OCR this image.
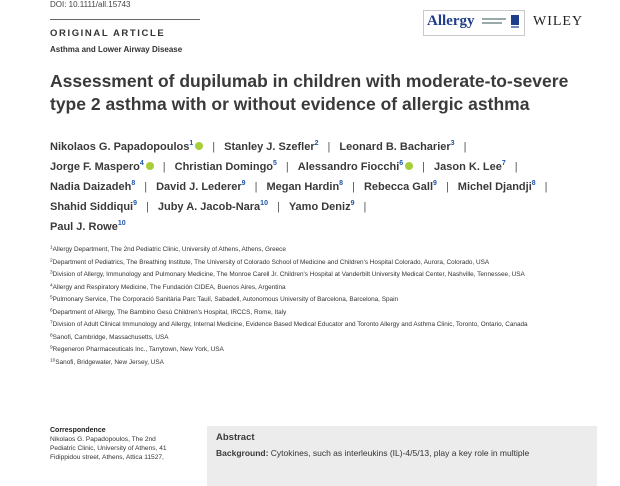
DOI: 10.1111/all.15743
ORIGINAL ARTICLE
Asthma and Lower Airway Disease
Allergy	WILEY
Assessment of dupilumab in children with moderate-to-severe type 2 asthma with or without evidence of allergic asthma
Nikolaos G. Papadopoulos$^1$ | Stanley J. Szefler$^2$ | Leonard B. Bacharier$^3$ |
Jorge F. Maspero$^4$ | Christian Domingo$^5$ | Alessandro Fiocchi$^6$ | Jason K. Lee$^7$ |
Nadia Daizadeh$^8$ | David J. Lederer$^9$ | Megan Hardin$^8$ | Rebecca Gall$^9$ | Michel Djandji$^8$ |
Shahid Siddiqui$^9$ | Juby A. Jacob-Nara$^{10}$ | Yamo Deniz$^9$ |
Paul J. Rowe$^{10}$
$^1$Allergy Department, The 2nd Pediatric Clinic, University of Athens, Athens, Greece
$^2$Department of Pediatrics, The Breathing Institute, The University of Colorado School of Medicine and Children's Hospital Colorado, Aurora, Colorado, USA
$^3$Division of Allergy, Immunology and Pulmonary Medicine, The Monroe Carell Jr. Children's Hospital at Vanderbilt University Medical Center, Nashville, Tennessee, USA
$^4$Allergy and Respiratory Medicine, The Fundación CIDEA, Buenos Aires, Argentina
$^5$Pulmonary Service, The Corporació Sanitària Parc Taulí, Sabadell, Autonomous University of Barcelona, Barcelona, Spain
$^6$Department of Allergy, The Bambino Gesù Children's Hospital, IRCCS, Rome, Italy
$^7$Division of Adult Clinical Immunology and Allergy, Internal Medicine, Evidence Based Medical Educator and Toronto Allergy and Asthma Clinic, Toronto, Ontario, Canada
$^8$Sanofi, Cambridge, Massachusetts, USA
$^9$Regeneron Pharmaceuticals Inc., Tarrytown, New York, USA
$^{10}$Sanofi, Bridgewater, New Jersey, USA
Correspondence
Nikolaos G. Papadopoulos, The 2nd
Pediatric Clinic, University of Athens, 41
Fidippidou street, Athens, Attica 11527,
Abstract
Background: Cytokines, such as interleukins (IL)-4/5/13, play a key role in multiple
